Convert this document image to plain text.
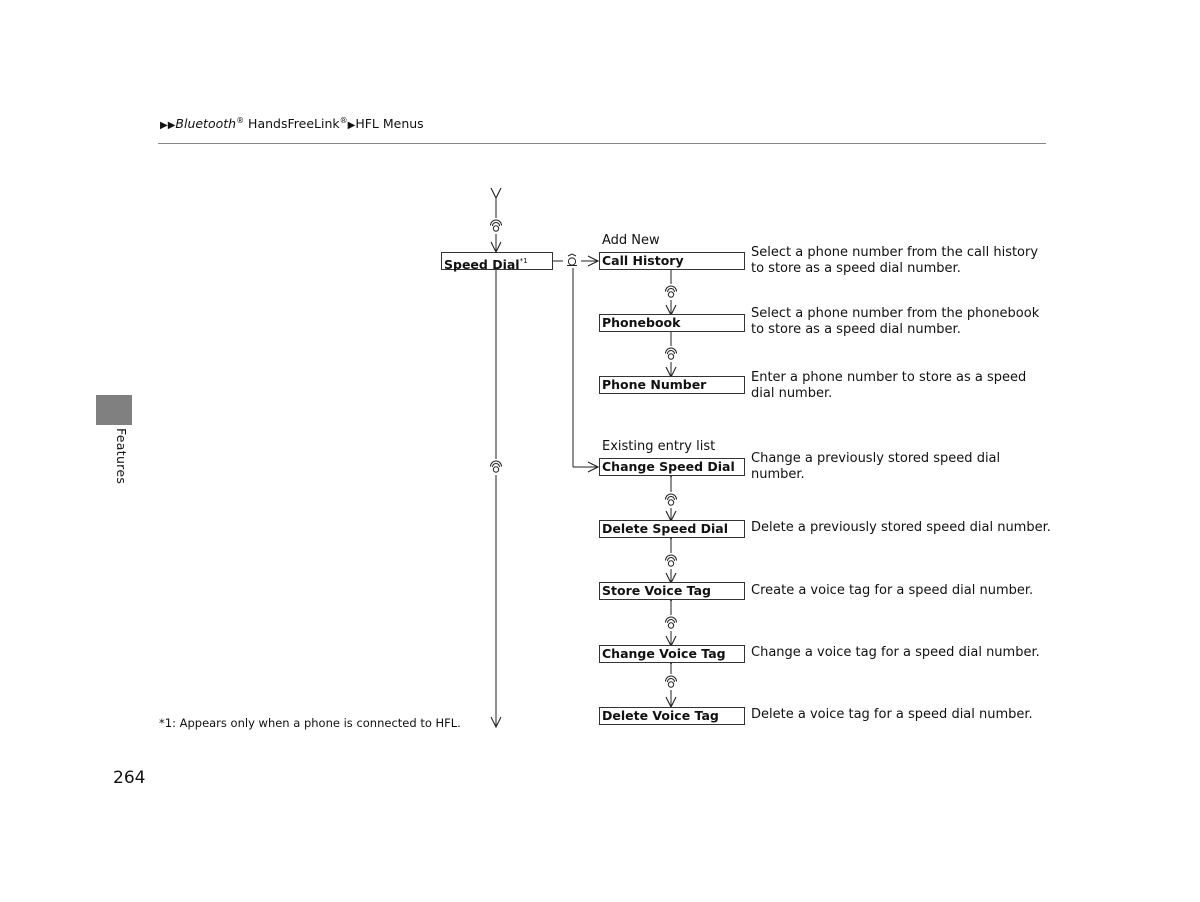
▶▶Bluetooth® HandsFreeLink®▶HFL Menus
Features
Speed Dial$^{*1}$
Add New
Existing entry list
Call History
Select a phone number from the call history to store as a speed dial number.
Phonebook
Select a phone number from the phonebook to store as a speed dial number.
Phone Number	Enter a phone number to store as a speed dial number.
Change Speed Dial
Change a previously stored speed dial number.
Delete Speed Dial	Delete a previously stored speed dial number.
Store Voice Tag	Create a voice tag for a speed dial number.
Change Voice Tag	Change a voice tag for a speed dial number.
Delete Voice Tag	Delete a voice tag for a speed dial number.
*1: Appears only when a phone is connected to HFL.
264
